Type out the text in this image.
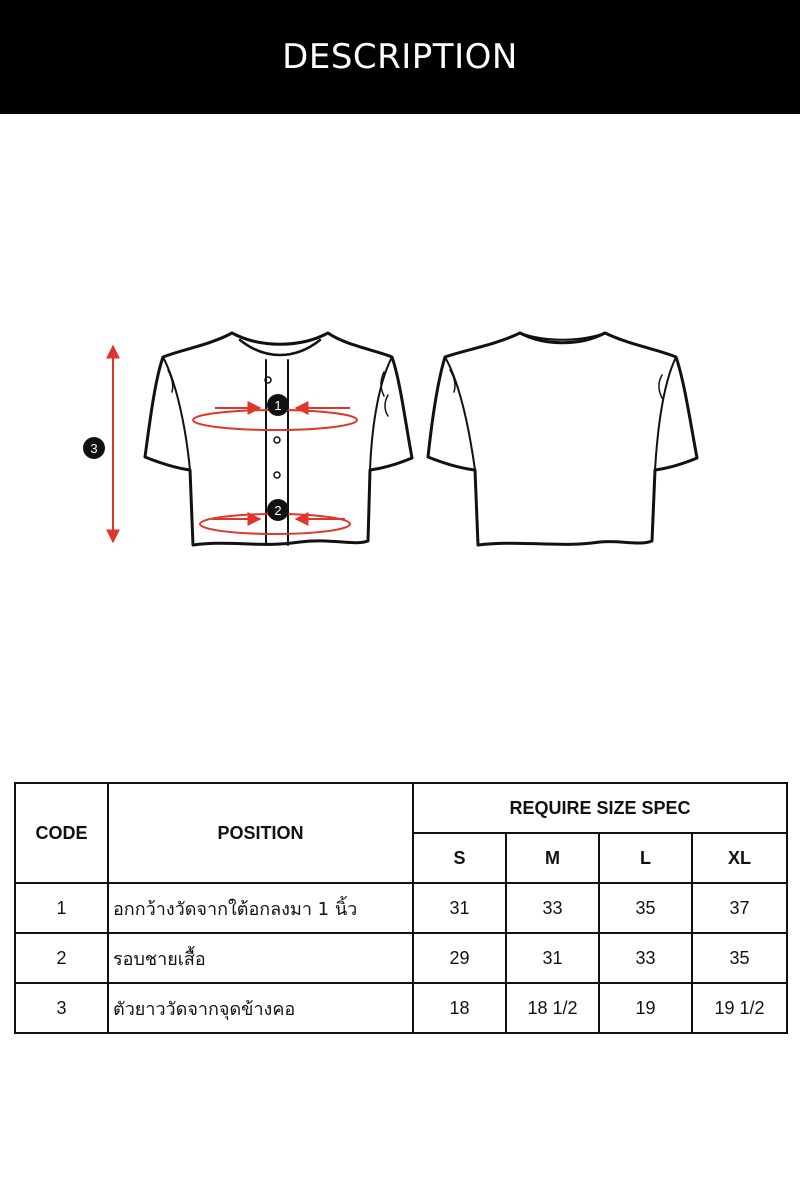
DESCRIPTION
1
2
3
CODE	POSITION	REQUIRE SIZE SPEC			
		S	M	L	XL
1	อกกว้างวัดจากใต้อกลงมา 1 นิ้ว	31	33	35	37
2	รอบชายเสื้อ	29	31	33	35
3	ตัวยาววัดจากจุดข้างคอ	18	18 1/2	19	19 1/2
